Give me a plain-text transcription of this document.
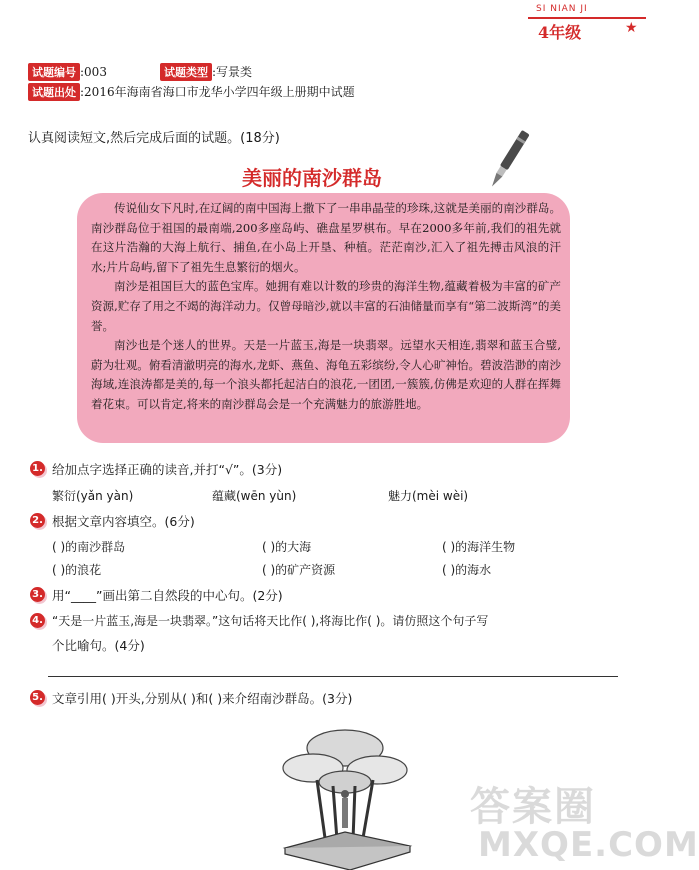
SI NIAN JI
4年级	★
试题编号 :003	试题类型 :写景类
试题出处 :2016年海南省海口市龙华小学四年级上册期中试题
认真阅读短文,然后完成后面的试题。(18分)
美丽的南沙群岛

传说仙女下凡时,在辽阔的南中国海上撒下了一串串晶莹的珍珠,这就是美丽的南沙群岛。南沙群岛位于祖国的最南端,200多座岛屿、礁盘星罗棋布。早在2000多年前,我们的祖先就在这片浩瀚的大海上航行、捕鱼,在小岛上开垦、种植。茫茫南沙,汇入了祖先搏击风浪的汗水;片片岛屿,留下了祖先生息繁衍的烟火。

南沙是祖国巨大的蓝色宝库。她拥有难以计数的珍贵的海洋生物,蕴藏着极为丰富的矿产资源,贮存了用之不竭的海洋动力。仅曾母暗沙,就以丰富的石油储量而享有“第二波斯湾”的美誉。

南沙也是个迷人的世界。天是一片蓝玉,海是一块翡翠。远望水天相连,翡翠和蓝玉合璧,蔚为壮观。俯看清澈明亮的海水,龙虾、燕鱼、海龟五彩缤纷,令人心旷神怡。碧波浩渺的南沙海域,连浪涛都是美的,每一个浪头都托起洁白的浪花,一团团,一簇簇,仿佛是欢迎的人群在挥舞着花束。可以肯定,将来的南沙群岛会是一个充满魅力的旅游胜地。

1. 给加点字选择正确的读音,并打“√”。(3分)
繁衍(yǎn yàn)	蕴藏(wēn yùn)	魅力(mèi wèi)
2. 根据文章内容填空。(6分)
( )的南沙群岛	( )的大海	( )的海洋生物
( )的浪花	( )的矿产资源	( )的海水
3. 用“____”画出第二自然段的中心句。(2分)
4. “天是一片蓝玉,海是一块翡翠。”这句话将天比作( ),将海比作( )。请仿照这个句子写
个比喻句。(4分)
5. 文章引用( )开头,分别从( )和( )来介绍南沙群岛。(3分)
答案圈
MXQE.COM
